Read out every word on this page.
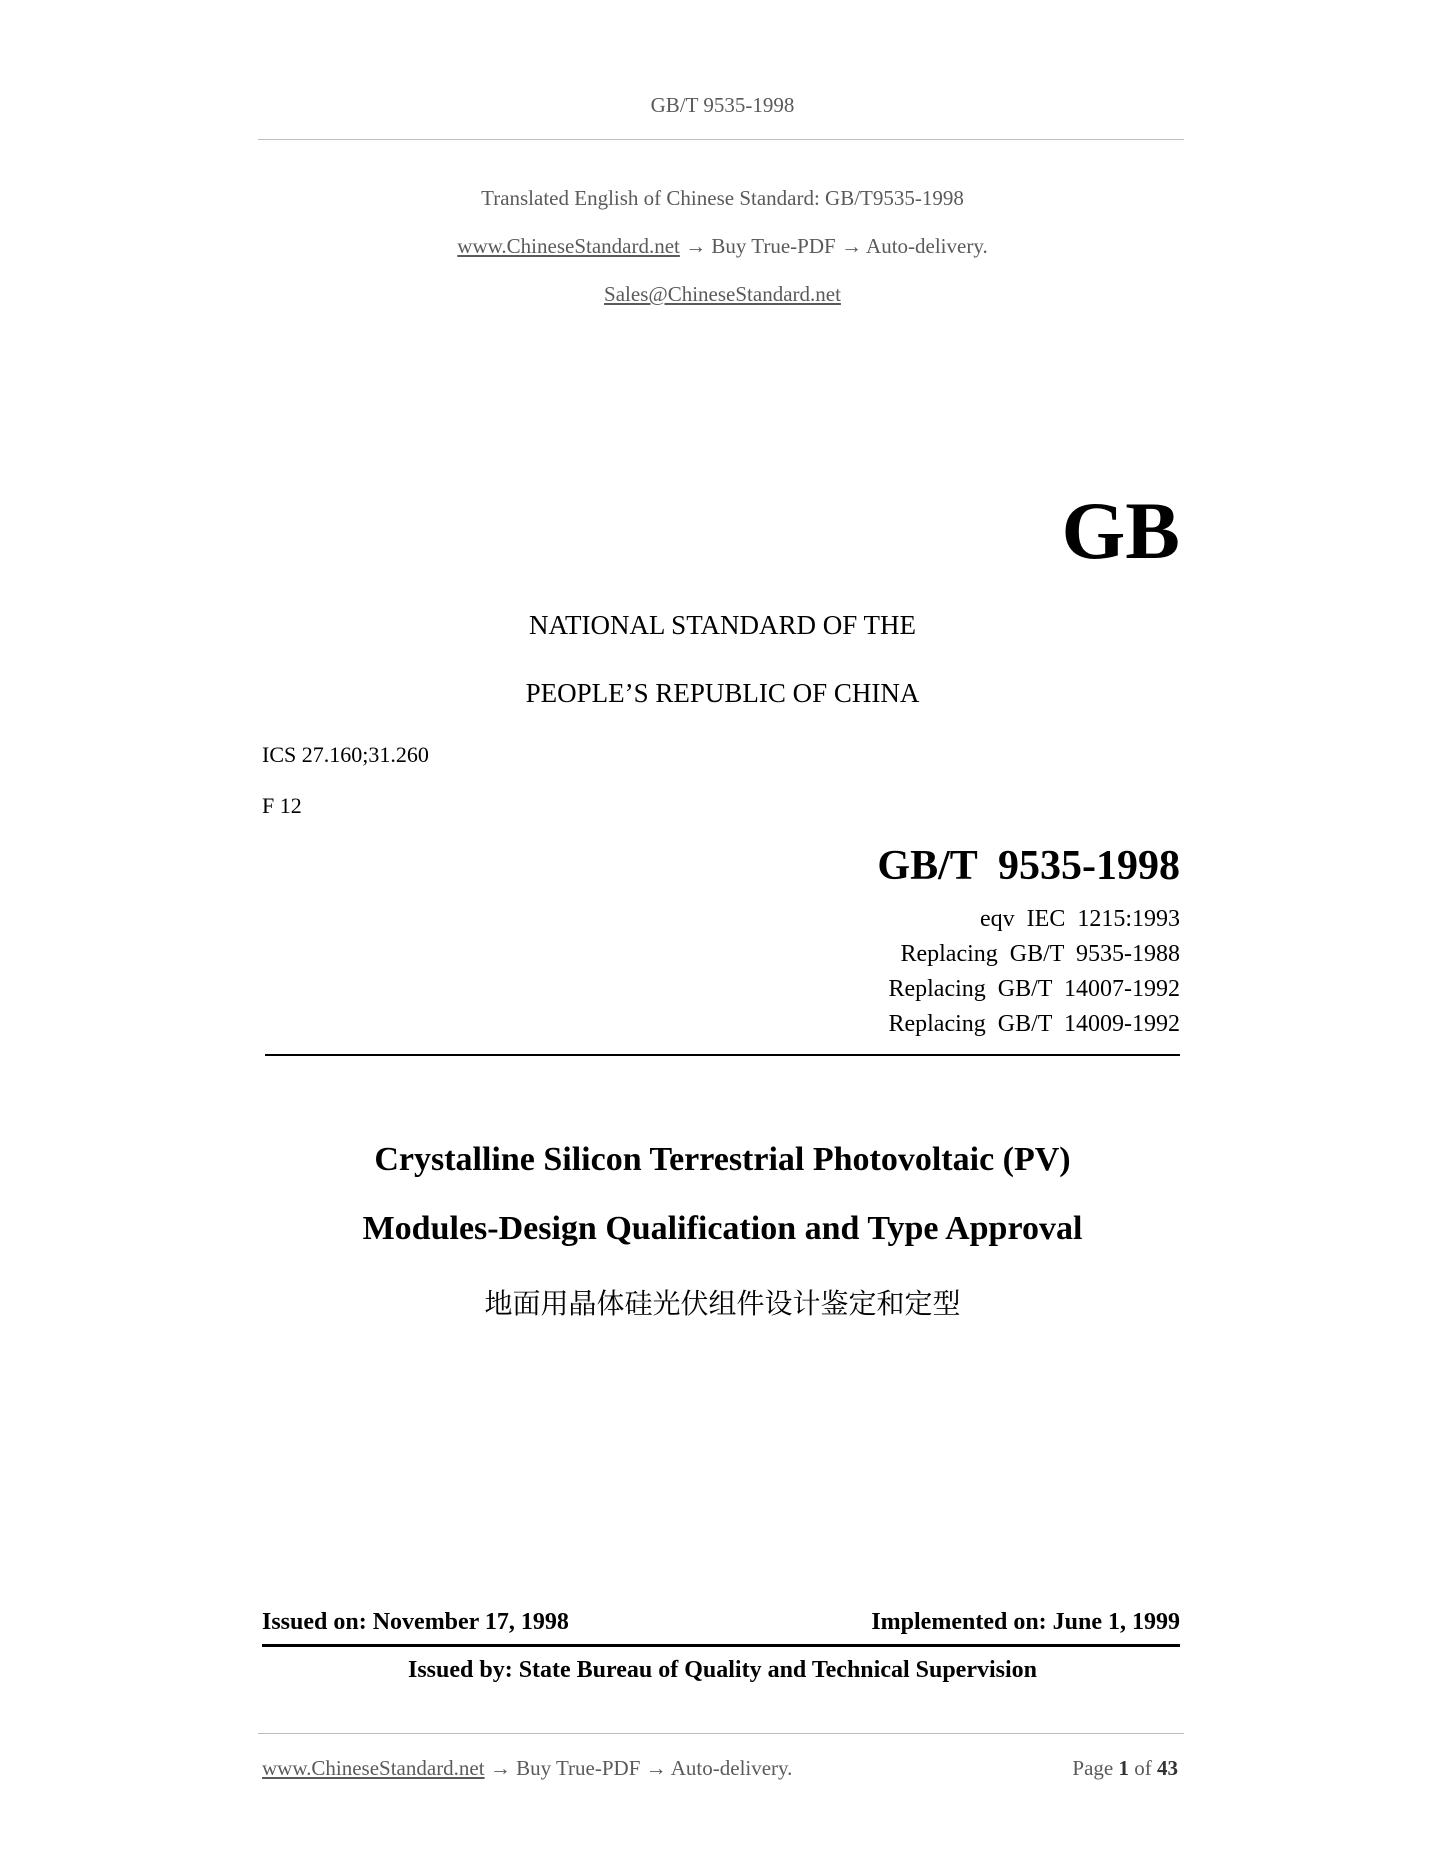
GB/T 9535-1998
Translated English of Chinese Standard: GB/T9535-1998
www.ChineseStandard.net → Buy True-PDF → Auto-delivery.
Sales@ChineseStandard.net
GB
NATIONAL STANDARD OF THE
PEOPLE’S REPUBLIC OF CHINA
ICS 27.160;31.260
F 12
GB/T  9535-1998
eqv  IEC  1215:1993
Replacing  GB/T  9535-1988
Replacing  GB/T  14007-1992
Replacing  GB/T  14009-1992
Crystalline Silicon Terrestrial Photovoltaic (PV)
Modules-Design Qualification and Type Approval
地面用晶体硅光伏组件设计鉴定和定型
Issued on: November 17, 1998	Implemented on: June 1, 1999
Issued by: State Bureau of Quality and Technical Supervision
www.ChineseStandard.net → Buy True-PDF → Auto-delivery.	Page 1 of 43
